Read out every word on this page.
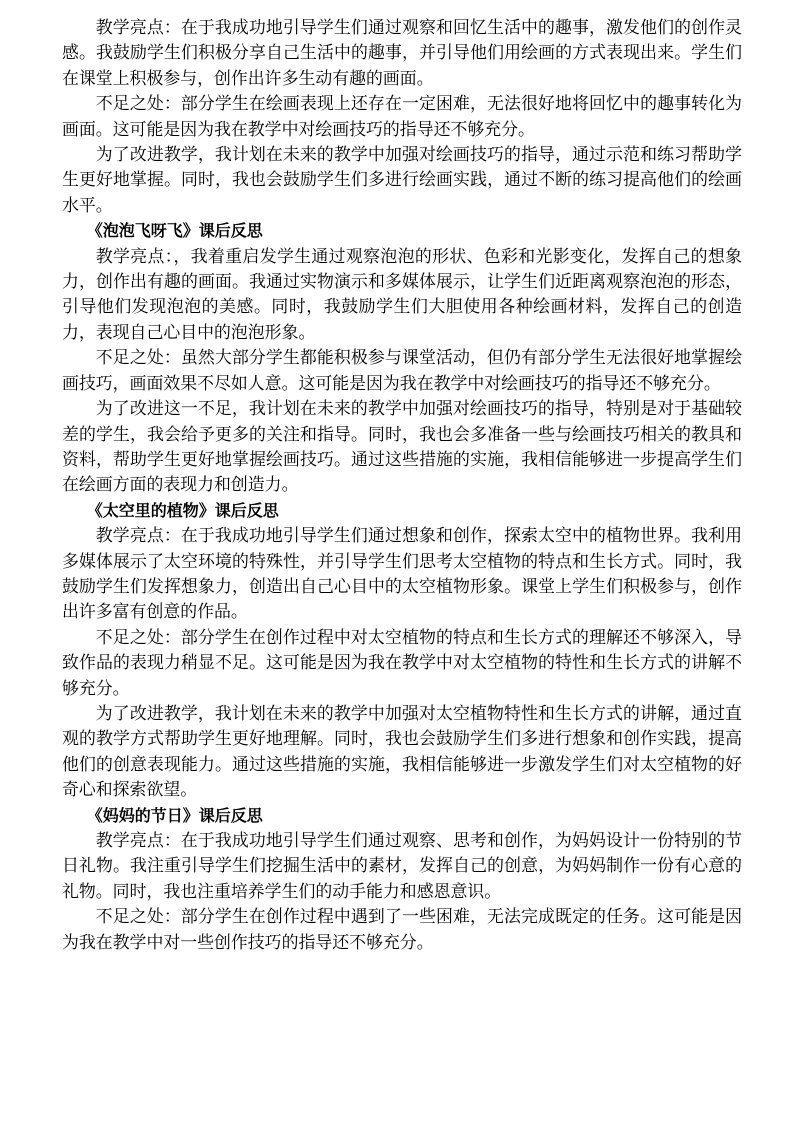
教学亮点：在于我成功地引导学生们通过观察和回忆生活中的趣事，激发他们的创作灵感。我鼓励学生们积极分享自己生活中的趣事，并引导他们用绘画的方式表现出来。学生们在课堂上积极参与，创作出许多生动有趣的画面。

不足之处：部分学生在绘画表现上还存在一定困难，无法很好地将回忆中的趣事转化为画面。这可能是因为我在教学中对绘画技巧的指导还不够充分。

为了改进教学，我计划在未来的教学中加强对绘画技巧的指导，通过示范和练习帮助学生更好地掌握。同时，我也会鼓励学生们多进行绘画实践，通过不断的练习提高他们的绘画水平。

《泡泡飞呀飞》课后反思

教学亮点：，我着重启发学生通过观察泡泡的形状、色彩和光影变化，发挥自己的想象力，创作出有趣的画面。我通过实物演示和多媒体展示，让学生们近距离观察泡泡的形态，引导他们发现泡泡的美感。同时，我鼓励学生们大胆使用各种绘画材料，发挥自己的创造力，表现自己心目中的泡泡形象。

不足之处：虽然大部分学生都能积极参与课堂活动，但仍有部分学生无法很好地掌握绘画技巧，画面效果不尽如人意。这可能是因为我在教学中对绘画技巧的指导还不够充分。

为了改进这一不足，我计划在未来的教学中加强对绘画技巧的指导，特别是对于基础较差的学生，我会给予更多的关注和指导。同时，我也会多准备一些与绘画技巧相关的教具和资料，帮助学生更好地掌握绘画技巧。通过这些措施的实施，我相信能够进一步提高学生们在绘画方面的表现力和创造力。

《太空里的植物》课后反思

教学亮点：在于我成功地引导学生们通过想象和创作，探索太空中的植物世界。我利用多媒体展示了太空环境的特殊性，并引导学生们思考太空植物的特点和生长方式。同时，我鼓励学生们发挥想象力，创造出自己心目中的太空植物形象。课堂上学生们积极参与，创作出许多富有创意的作品。

不足之处：部分学生在创作过程中对太空植物的特点和生长方式的理解还不够深入，导致作品的表现力稍显不足。这可能是因为我在教学中对太空植物的特性和生长方式的讲解不够充分。

为了改进教学，我计划在未来的教学中加强对太空植物特性和生长方式的讲解，通过直观的教学方式帮助学生更好地理解。同时，我也会鼓励学生们多进行想象和创作实践，提高他们的创意表现能力。通过这些措施的实施，我相信能够进一步激发学生们对太空植物的好奇心和探索欲望。

《妈妈的节日》课后反思

教学亮点：在于我成功地引导学生们通过观察、思考和创作，为妈妈设计一份特别的节日礼物。我注重引导学生们挖掘生活中的素材，发挥自己的创意，为妈妈制作一份有心意的礼物。同时，我也注重培养学生们的动手能力和感恩意识。

不足之处：部分学生在创作过程中遇到了一些困难，无法完成既定的任务。这可能是因为我在教学中对一些创作技巧的指导还不够充分。
